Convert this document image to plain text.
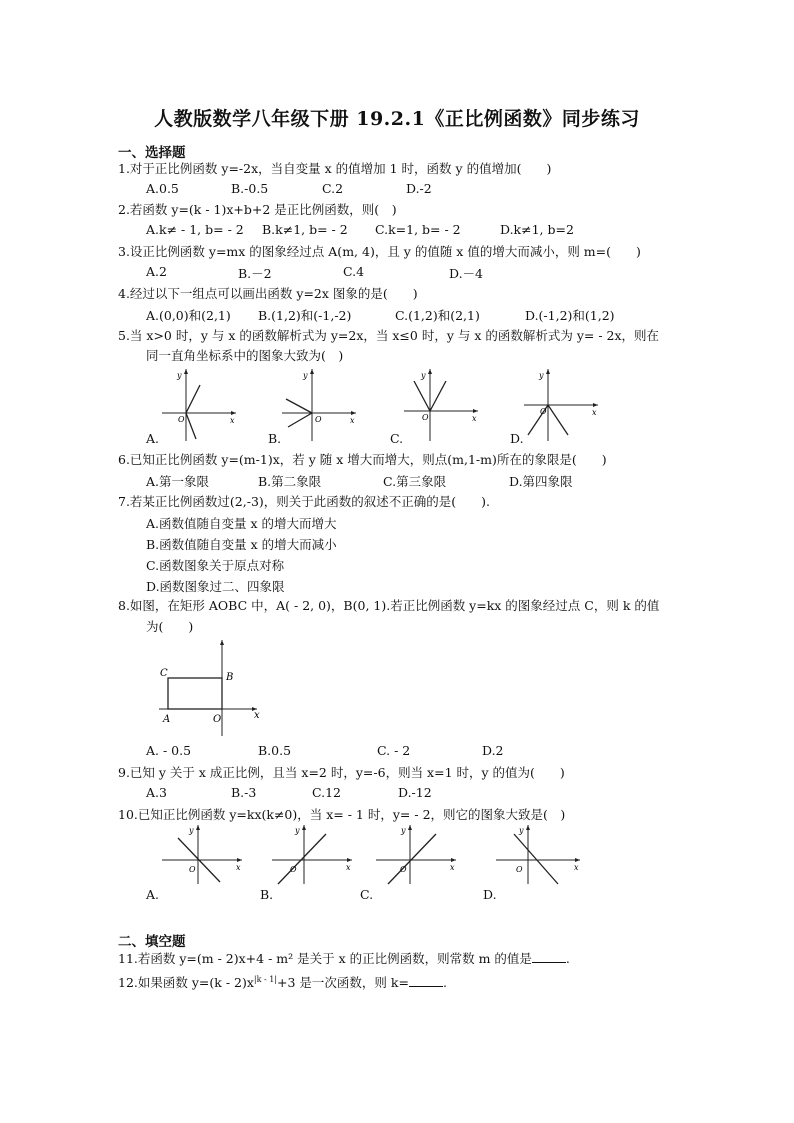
人教版数学八年级下册 19.2.1《正比例函数》同步练习
一、选择题
1.对于正比例函数 y=-2x，当自变量 x 的值增加 1 时，函数 y 的值增加(　　)
A.0.5	B.-0.5	C.2	D.-2
2.若函数 y=(k - 1)x+b+2 是正比例函数，则(　)
A.k≠ - 1, b= - 2 B.k≠1, b= - 2 C.k=1, b= - 2	D.k≠1, b=2
3.设正比例函数 y=mx 的图象经过点 A(m, 4)，且 y 的值随 x 值的增大而减小，则 m=(　　)
A.2	B.－2	C.4	D.－4
4.经过以下一组点可以画出函数 y=2x 图象的是(　　)
A.(0,0)和(2,1) B.(1,2)和(-1,-2)	C.(1,2)和(2,1)	D.(-1,2)和(1,2)
5.当 x>0 时，y 与 x 的函数解析式为 y=2x，当 x≤0 时，y 与 x 的函数解析式为 y= - 2x，则在
同一直角坐标系中的图象大致为(　)
y
x
O
y
x
O
y
x
O
y
x
O
A.	B.	C.	D.
6.已知正比例函数 y=(m-1)x，若 y 随 x 增大而增大，则点(m,1-m)所在的象限是(　　)
A.第一象限	B.第二象限	C.第三象限	D.第四象限
7.若某正比例函数过(2,-3)，则关于此函数的叙述不正确的是(　　).
A.函数值随自变量 x 的增大而增大
B.函数值随自变量 x 的增大而减小
C.函数图象关于原点对称
D.函数图象过二、四象限
8.如图，在矩形 AOBC 中，A( - 2, 0)，B(0, 1).若正比例函数 y=kx 的图象经过点 C，则 k 的值
为(　　)
C	B
A	O	x
A. - 0.5	B.0.5	C. - 2	D.2
9.已知 y 关于 x 成正比例，且当 x=2 时，y=-6，则当 x=1 时，y 的值为(　　)
A.3	B.-3	C.12	D.-12
10.已知正比例函数 y=kx(k≠0)，当 x= - 1 时，y= - 2，则它的图象大致是(　)
y
x
O
y
x
O
y
x
O
y
x
O
A.	B.	C.	D.
二、填空题
11.若函数 y=(m - 2)x+4 - m² 是关于 x 的正比例函数，则常数 m 的值是	.
12.如果函数 $y=(k - 2)x^{|k - 1|}+3$ 是一次函数，则 k=	.
